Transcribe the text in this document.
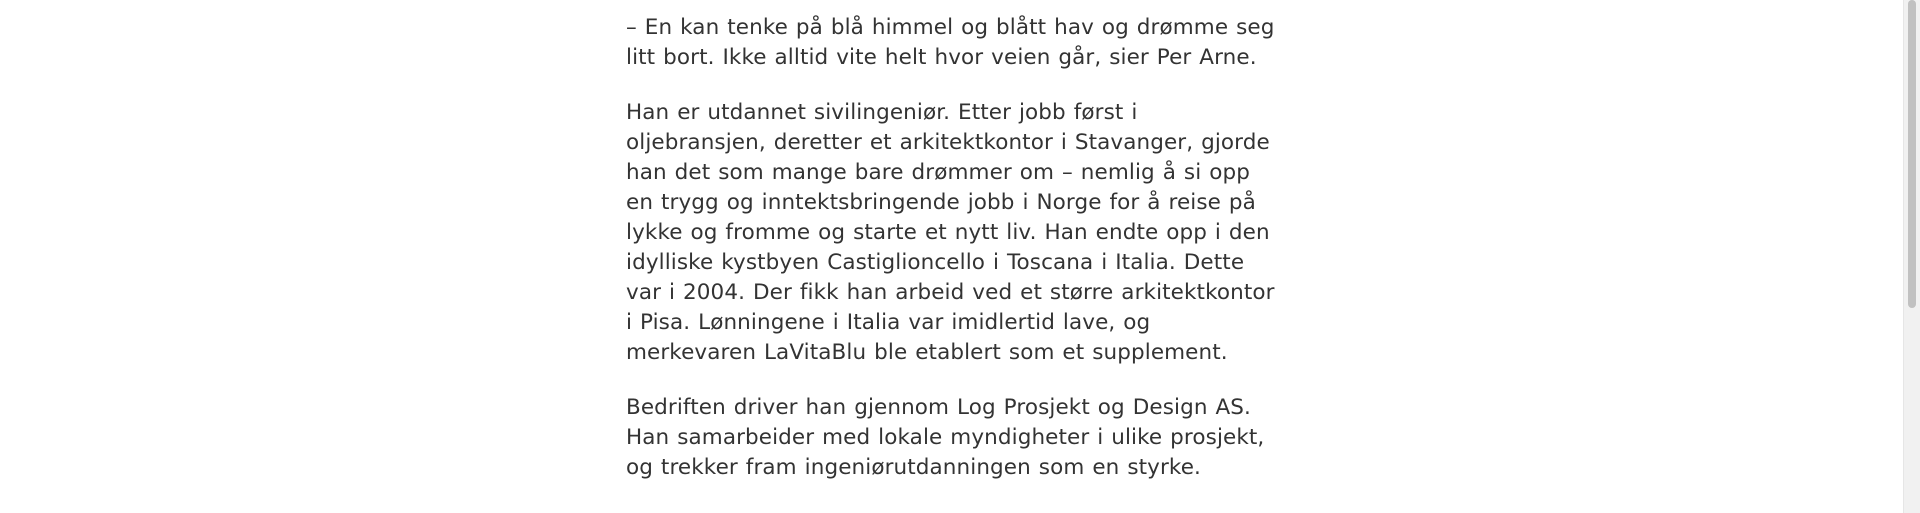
– En kan tenke på blå himmel og blått hav og drømme seg litt bort. Ikke alltid vite helt hvor veien går, sier Per Arne.

Han er utdannet sivilingeniør. Etter jobb først i oljebransjen, deretter et arkitektkontor i Stavanger, gjorde han det som mange bare drømmer om – nemlig å si opp en trygg og inntektsbringende jobb i Norge for å reise på lykke og fromme og starte et nytt liv. Han endte opp i den idylliske kystbyen Castiglioncello i Toscana i Italia. Dette var i 2004. Der fikk han arbeid ved et større arkitektkontor i Pisa. Lønningene i Italia var imidlertid lave, og merkevaren LaVitaBlu ble etablert som et supplement.

Bedriften driver han gjennom Log Prosjekt og Design AS. Han samarbeider med lokale myndigheter i ulike prosjekt, og trekker fram ingeniørutdanningen som en styrke.
